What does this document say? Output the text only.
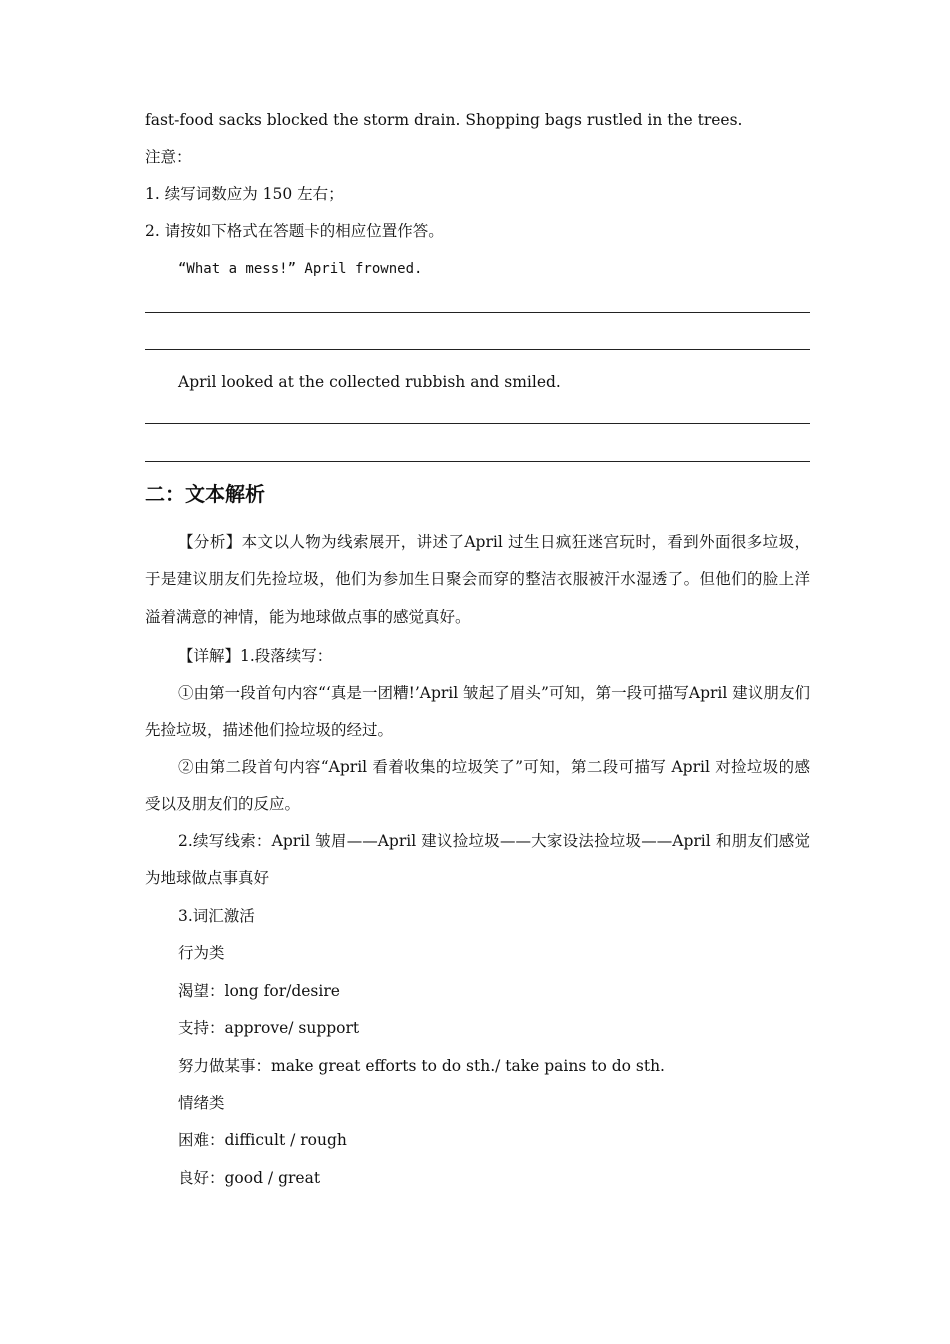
fast-food sacks blocked the storm drain. Shopping bags rustled in the trees.
注意：
1. 续写词数应为 150 左右；
2. 请按如下格式在答题卡的相应位置作答。
“What a mess!” April frowned.
April looked at the collected rubbish and smiled.
二：文本解析
【分析】本文以人物为线索展开，讲述了April 过生日疯狂迷宫玩时，看到外面很多垃圾，于是建议朋友们先捡垃圾，他们为参加生日聚会而穿的整洁衣服被汗水湿透了。但他们的脸上洋溢着满意的神情，能为地球做点事的感觉真好。
【详解】1.段落续写：
①由第一段首句内容“‘真是一团糟!’April 皱起了眉头”可知，第一段可描写April 建议朋友们先捡垃圾，描述他们捡垃圾的经过。
②由第二段首句内容“April 看着收集的垃圾笑了”可知，第二段可描写 April 对捡垃圾的感受以及朋友们的反应。
2.续写线索：April 皱眉——April 建议捡垃圾——大家设法捡垃圾——April 和朋友们感觉为地球做点事真好
3.词汇激活
行为类
渴望：long for/desire
支持：approve/ support
努力做某事：make great efforts to do sth./ take pains to do sth.
情绪类
困难：difficult / rough
良好：good / great
